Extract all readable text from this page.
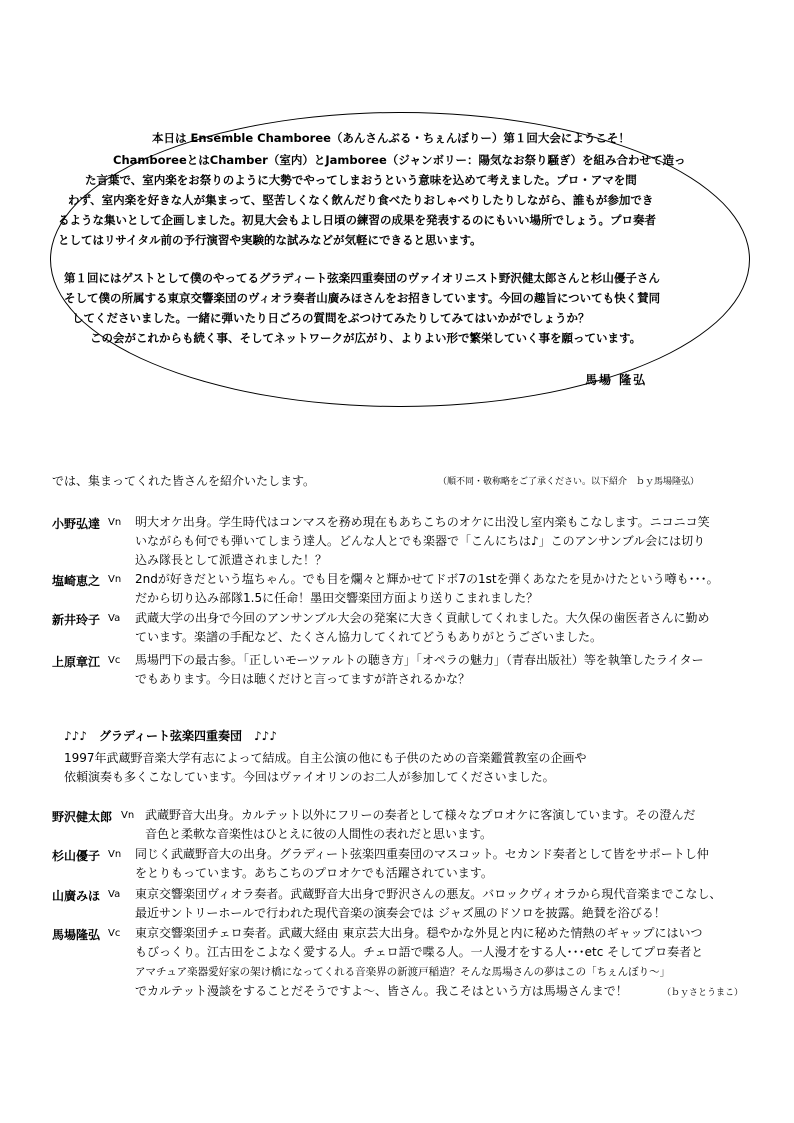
本日は Ensemble Chamboree（あんさんぶる・ちぇんぼりー）第１回大会にようこそ！
ChamboreeとはChamber（室内）とJamboree（ジャンボリー：陽気なお祭り騒ぎ）を組み合わせて造っ
た言葉で、室内楽をお祭りのように大勢でやってしまおうという意味を込めて考えました。プロ・アマを問
わず、室内楽を好きな人が集まって、堅苦しくなく飲んだり食べたりおしゃべりしたりしながら、誰もが参加でき
るような集いとして企画しました。初見大会もよし日頃の練習の成果を発表するのにもいい場所でしょう。プロ奏者
としてはリサイタル前の予行演習や実験的な試みなどが気軽にできると思います。
第１回にはゲストとして僕のやってるグラディート弦楽四重奏団のヴァイオリニスト野沢健太郎さんと杉山優子さん
そして僕の所属する東京交響楽団のヴィオラ奏者山廣みほさんをお招きしています。今回の趣旨についても快く賛同
してくださいました。一緒に弾いたり日ごろの質問をぶつけてみたりしてみてはいかがでしょうか？
この会がこれからも続く事、そしてネットワークが広がり、よりよい形で繁栄していく事を願っています。
馬場 隆弘
では、集まってくれた皆さんを紹介いたします。	（順不同・敬称略をご了承ください。以下紹介　ｂｙ馬場隆弘）
小野弘達 Vn 明大オケ出身。学生時代はコンマスを務め現在もあちこちのオケに出没し室内楽もこなします。ニコニコ笑
いながらも何でも弾いてしまう達人。どんな人とでも楽器で「こんにちは♪」このアンサンブル会には切り
込み隊長として派遣されました！？
塩崎恵之 Vn 2ndが好きだという塩ちゃん。でも目を爛々と輝かせてドボ7の1stを弾くあなたを見かけたという噂も･･･。
だから切り込み部隊1.5に任命！墨田交響楽団方面より送りこまれました？
新井玲子 Va 武蔵大学の出身で今回のアンサンブル大会の発案に大きく貢献してくれました。大久保の歯医者さんに勤め
ています。楽譜の手配など、たくさん協力してくれてどうもありがとうございました。
上原章江 Vc 馬場門下の最古参。「正しいモーツァルトの聴き方」「オペラの魅力」（青春出版社）等を執筆したライター
でもあります。今日は聴くだけと言ってますが許されるかな？
♪♪♪　グラディート弦楽四重奏団　♪♪♪
1997年武蔵野音楽大学有志によって結成。自主公演の他にも子供のための音楽鑑賞教室の企画や
依頼演奏も多くこなしています。今回はヴァイオリンのお二人が参加してくださいました。
野沢健太郎 Vn 武蔵野音大出身。カルテット以外にフリーの奏者として様々なプロオケに客演しています。その澄んだ
音色と柔軟な音楽性はひとえに彼の人間性の表れだと思います。
杉山優子 Vn 同じく武蔵野音大の出身。グラディート弦楽四重奏団のマスコット。セカンド奏者として皆をサポートし仲
をとりもっています。あちこちのプロオケでも活躍されています。
山廣みほ Va 東京交響楽団ヴィオラ奏者。武蔵野音大出身で野沢さんの悪友。バロックヴィオラから現代音楽までこなし、
最近サントリーホールで行われた現代音楽の演奏会では ジャズ風のドソロを披露。絶賛を浴びる！
馬場隆弘 Vc 東京交響楽団チェロ奏者。武蔵大経由 東京芸大出身。穏やかな外見と内に秘めた情熱のギャップにはいつ
もびっくり。江古田をこよなく愛する人。チェロ語で喋る人。一人漫才をする人･･･etc そしてプロ奏者と
アマチュア楽器愛好家の架け橋になってくれる音楽界の新渡戸稲造？そんな馬場さんの夢はこの「ちぇんぼり～」
でカルテット漫談をすることだそうですよ～、皆さん。我こそはという方は馬場さんまで！	（ｂｙさとうまこ）
